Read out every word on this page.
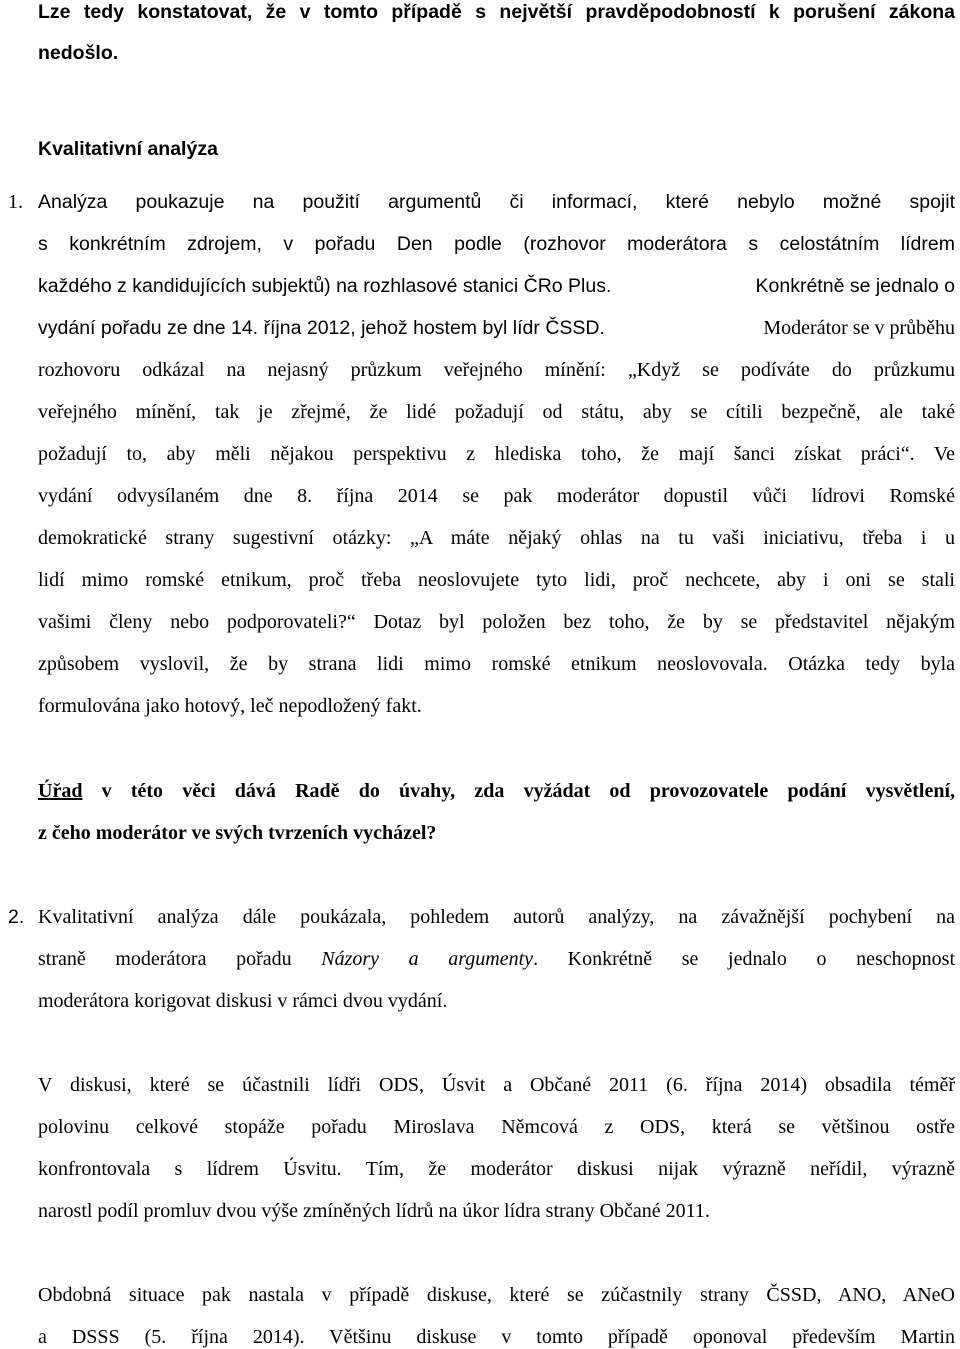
Lze tedy konstatovat, že v tomto případě s největší pravděpodobností k porušení zákona
nedošlo.
Kvalitativní analýza
1. Analýza poukazuje na použití argumentů či informací, které nebylo možné spojit
s konkrétním zdrojem, v pořadu Den podle (rozhovor moderátora s celostátním lídrem
každého z kandidujících subjektů) na rozhlasové stanici ČRo Plus.	Konkrétně se jednalo o
vydání pořadu ze dne 14. října 2012, jehož hostem byl lídr ČSSD.	Moderátor se v průběhu
rozhovoru odkázal na nejasný průzkum veřejného mínění: „Když se podíváte do průzkumu
veřejného mínění, tak je zřejmé, že lidé požadují od státu, aby se cítili bezpečně, ale také
požadují to, aby měli nějakou perspektivu z hlediska toho, že mají šanci získat práci“. Ve
vydání odvysílaném dne 8. října 2014 se pak moderátor dopustil vůči lídrovi Romské
demokratické strany sugestivní otázky: „A máte nějaký ohlas na tu vaši iniciativu, třeba i u
lidí mimo romské etnikum, proč třeba neoslovujete tyto lidi, proč nechcete, aby i oni se stali
vašimi členy nebo podporovateli?“ Dotaz byl položen bez toho, že by se představitel nějakým
způsobem vyslovil, že by strana lidi mimo romské etnikum neoslovovala. Otázka tedy byla
formulována jako hotový, leč nepodložený fakt.
Úřad v této věci dává Radě do úvahy, zda vyžádat od provozovatele podání vysvětlení,
z čeho moderátor ve svých tvrzeních vycházel?
2. Kvalitativní analýza dále poukázala, pohledem autorů analýzy, na závažnější pochybení na
straně moderátora pořadu Názory a argumenty. Konkrétně se jednalo o neschopnost
moderátora korigovat diskusi v rámci dvou vydání.
V diskusi, které se účastnili lídři ODS, Úsvit a Občané 2011 (6. října 2014) obsadila téměř
polovinu celkové stopáže pořadu Miroslava Němcová z ODS, která se většinou ostře
konfrontovala s lídrem Úsvitu. Tím, že moderátor diskusi nijak výrazně neřídil, výrazně
narostl podíl promluv dvou výše zmíněných lídrů na úkor lídra strany Občané 2011.
Obdobná situace pak nastala v případě diskuse, které se zúčastnily strany ČSSD, ANO, ANeO
a DSSS (5. října 2014). Většinu diskuse v tomto případě oponoval především Martin
